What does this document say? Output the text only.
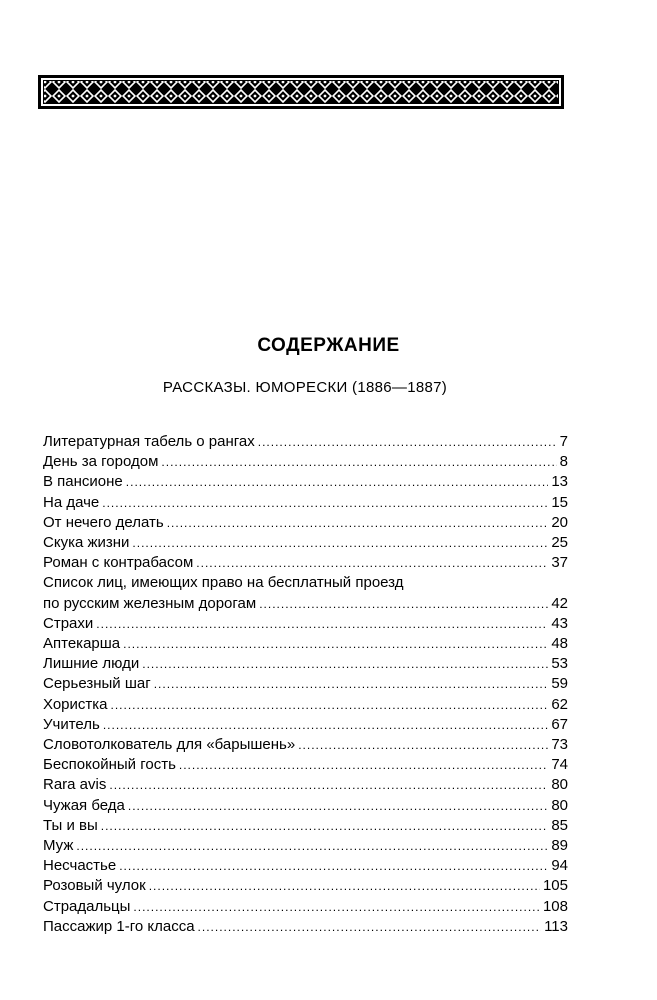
СОДЕРЖАНИЕ
РАССКАЗЫ. ЮМОРЕСКИ (1886—1887)
Литературная табель о рангах .....	7
День за городом .....	8
В пансионе .....	13
На даче .....	15
От нечего делать .....	20
Скука жизни .....	25
Роман с контрабасом .....	37
Список лиц, имеющих право на бесплатный проезд
по русским железным дорогам .....	42
Страхи .....	43
Аптекарша .....	48
Лишние люди .....	53
Серьезный шаг .....	59
Хористка .....	62
Учитель .....	67
Словотолкователь для «барышень» .....	73
Беспокойный гость .....	74
Rara avis .....	80
Чужая беда .....	80
Ты и вы .....	85
Муж .....	89
Несчастье .....	94
Розовый чулок .....	105
Страдальцы .....	108
Пассажир 1-го класса .....	113
